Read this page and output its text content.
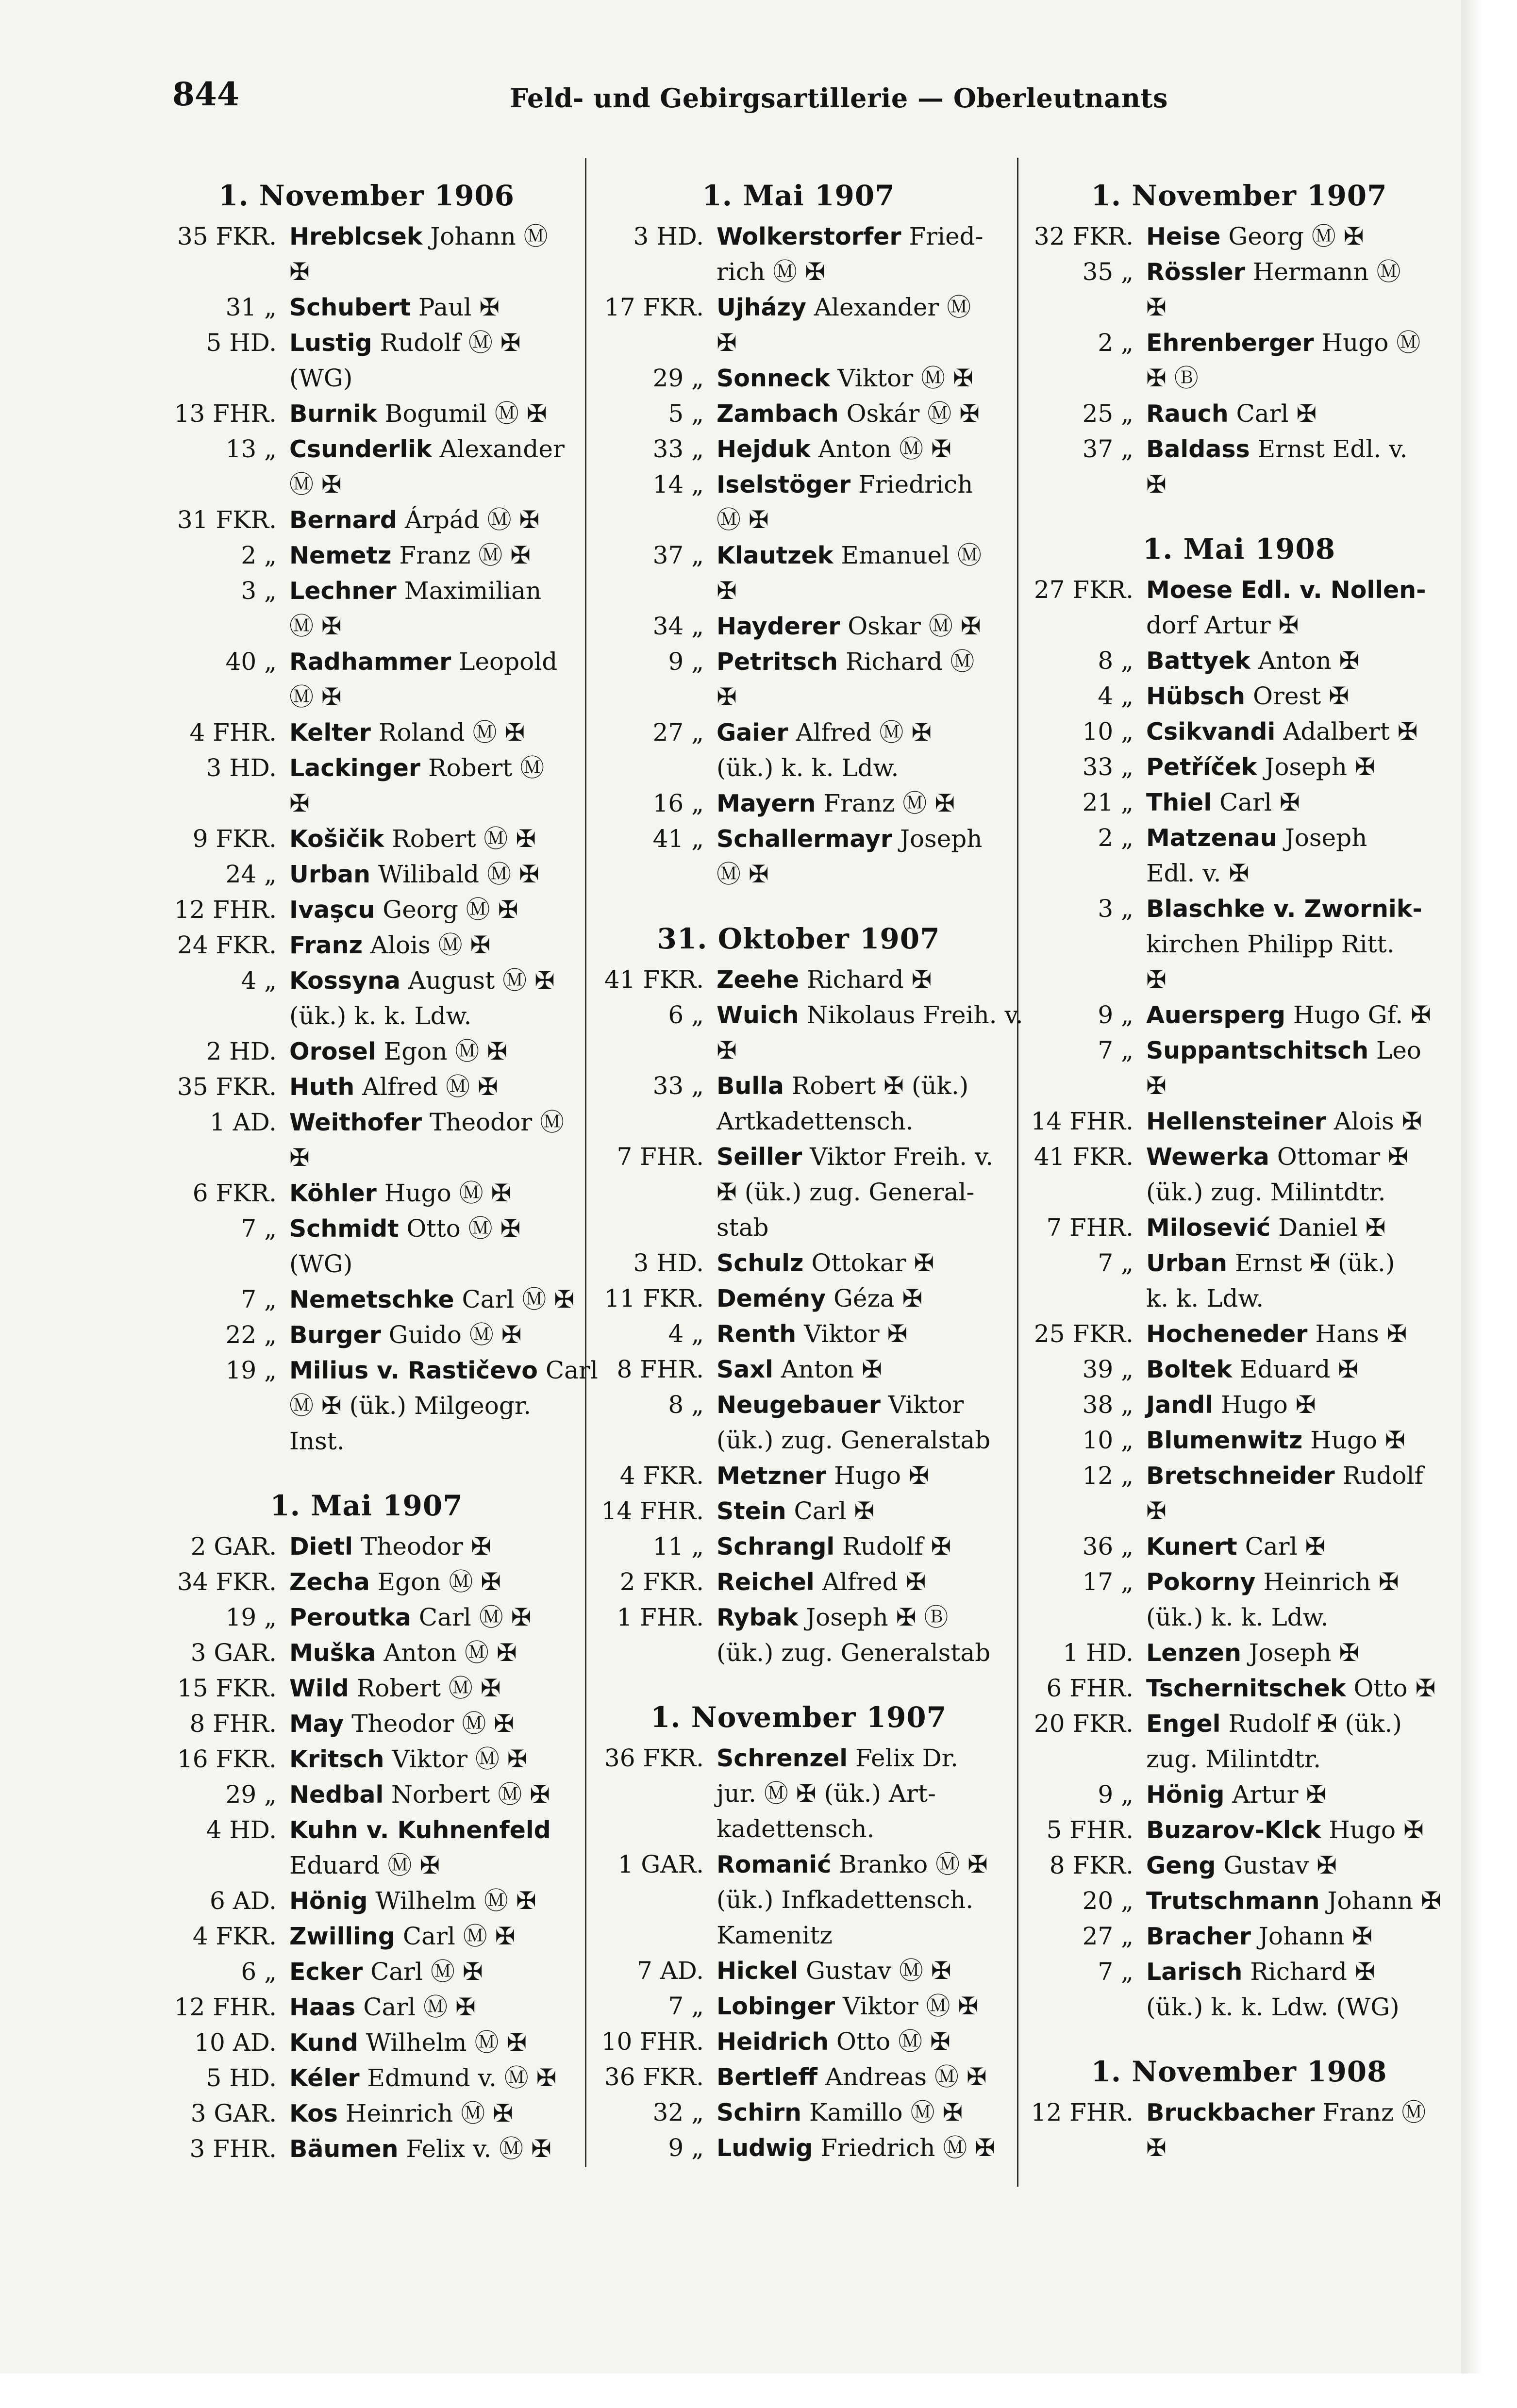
844	Feld- und Gebirgsartillerie — Oberleutnants
1. November 1906
35 FKR. Hreblcsek Johann Ⓜ
✠
31 „ Schubert Paul ✠
5 HD. Lustig Rudolf Ⓜ ✠
(WG)
13 FHR. Burnik Bogumil Ⓜ ✠
13 „ Csunderlik Alexander
Ⓜ ✠
31 FKR. Bernard Árpád Ⓜ ✠
2 „ Nemetz Franz Ⓜ ✠
3 „ Lechner Maximilian
Ⓜ ✠
40 „ Radhammer Leopold
Ⓜ ✠
4 FHR. Kelter Roland Ⓜ ✠
3 HD. Lackinger Robert Ⓜ
✠
9 FKR. Košičik Robert Ⓜ ✠
24 „ Urban Wilibald Ⓜ ✠
12 FHR. Ivaşcu Georg Ⓜ ✠
24 FKR. Franz Alois Ⓜ ✠
4 „ Kossyna August Ⓜ ✠
(ük.) k. k. Ldw.
2 HD. Orosel Egon Ⓜ ✠
35 FKR. Huth Alfred Ⓜ ✠
1 AD. Weithofer Theodor Ⓜ
✠
6 FKR. Köhler Hugo Ⓜ ✠
7 „ Schmidt Otto Ⓜ ✠
(WG)
7 „ Nemetschke Carl Ⓜ ✠
22 „ Burger Guido Ⓜ ✠
19 „ Milius v. Rastičevo Carl
Ⓜ ✠ (ük.) Milgeogr.
Inst.
1. Mai 1907
2 GAR. Dietl Theodor ✠
34 FKR. Zecha Egon Ⓜ ✠
19 „ Peroutka Carl Ⓜ ✠
3 GAR. Muška Anton Ⓜ ✠
15 FKR. Wild Robert Ⓜ ✠
8 FHR. May Theodor Ⓜ ✠
16 FKR. Kritsch Viktor Ⓜ ✠
29 „ Nedbal Norbert Ⓜ ✠
4 HD. Kuhn v. Kuhnenfeld
Eduard Ⓜ ✠
6 AD. Hönig Wilhelm Ⓜ ✠
4 FKR. Zwilling Carl Ⓜ ✠
6 „ Ecker Carl Ⓜ ✠
12 FHR. Haas Carl Ⓜ ✠
10 AD. Kund Wilhelm Ⓜ ✠
5 HD. Kéler Edmund v. Ⓜ ✠
3 GAR. Kos Heinrich Ⓜ ✠
3 FHR. Bäumen Felix v. Ⓜ ✠
1. Mai 1907
3 HD. Wolkerstorfer Fried-
rich Ⓜ ✠
17 FKR. Ujházy Alexander Ⓜ
✠
29 „ Sonneck Viktor Ⓜ ✠
5 „ Zambach Oskár Ⓜ ✠
33 „ Hejduk Anton Ⓜ ✠
14 „ Iselstöger Friedrich
Ⓜ ✠
37 „ Klautzek Emanuel Ⓜ
✠
34 „ Hayderer Oskar Ⓜ ✠
9 „ Petritsch Richard Ⓜ
✠
27 „ Gaier Alfred Ⓜ ✠
(ük.) k. k. Ldw.
16 „ Mayern Franz Ⓜ ✠
41 „ Schallermayr Joseph
Ⓜ ✠
31. Oktober 1907
41 FKR. Zeehe Richard ✠
6 „ Wuich Nikolaus Freih. v.
✠
33 „ Bulla Robert ✠ (ük.)
Artkadettensch.
7 FHR. Seiller Viktor Freih. v.
✠ (ük.) zug. General-
stab
3 HD. Schulz Ottokar ✠
11 FKR. Demény Géza ✠
4 „ Renth Viktor ✠
8 FHR. Saxl Anton ✠
8 „ Neugebauer Viktor
(ük.) zug. Generalstab
4 FKR. Metzner Hugo ✠
14 FHR. Stein Carl ✠
11 „ Schrangl Rudolf ✠
2 FKR. Reichel Alfred ✠
1 FHR. Rybak Joseph ✠ Ⓑ
(ük.) zug. Generalstab
1. November 1907
36 FKR. Schrenzel Felix Dr.
jur. Ⓜ ✠ (ük.) Art-
kadettensch.
1 GAR. Romanić Branko Ⓜ ✠
(ük.) Infkadettensch.
Kamenitz
7 AD. Hickel Gustav Ⓜ ✠
7 „ Lobinger Viktor Ⓜ ✠
10 FHR. Heidrich Otto Ⓜ ✠
36 FKR. Bertleff Andreas Ⓜ ✠
32 „ Schirn Kamillo Ⓜ ✠
9 „ Ludwig Friedrich Ⓜ ✠
1. November 1907
32 FKR. Heise Georg Ⓜ ✠
35 „ Rössler Hermann Ⓜ
✠
2 „ Ehrenberger Hugo Ⓜ
✠ Ⓑ
25 „ Rauch Carl ✠
37 „ Baldass Ernst Edl. v.
✠
1. Mai 1908
27 FKR. Moese Edl. v. Nollen-
dorf Artur ✠
8 „ Battyek Anton ✠
4 „ Hübsch Orest ✠
10 „ Csikvandi Adalbert ✠
33 „ Petříček Joseph ✠
21 „ Thiel Carl ✠
2 „ Matzenau Joseph
Edl. v. ✠
3 „ Blaschke v. Zwornik-
kirchen Philipp Ritt.
✠
9 „ Auersperg Hugo Gf. ✠
7 „ Suppantschitsch Leo
✠
14 FHR. Hellensteiner Alois ✠
41 FKR. Wewerka Ottomar ✠
(ük.) zug. Milintdtr.
7 FHR. Milosević Daniel ✠
7 „ Urban Ernst ✠ (ük.)
k. k. Ldw.
25 FKR. Hocheneder Hans ✠
39 „ Boltek Eduard ✠
38 „ Jandl Hugo ✠
10 „ Blumenwitz Hugo ✠
12 „ Bretschneider Rudolf
✠
36 „ Kunert Carl ✠
17 „ Pokorny Heinrich ✠
(ük.) k. k. Ldw.
1 HD. Lenzen Joseph ✠
6 FHR. Tschernitschek Otto ✠
20 FKR. Engel Rudolf ✠ (ük.)
zug. Milintdtr.
9 „ Hönig Artur ✠
5 FHR. Buzarov-Klck Hugo ✠
8 FKR. Geng Gustav ✠
20 „ Trutschmann Johann ✠
27 „ Bracher Johann ✠
7 „ Larisch Richard ✠
(ük.) k. k. Ldw. (WG)
1. November 1908
12 FHR. Bruckbacher Franz Ⓜ
✠
